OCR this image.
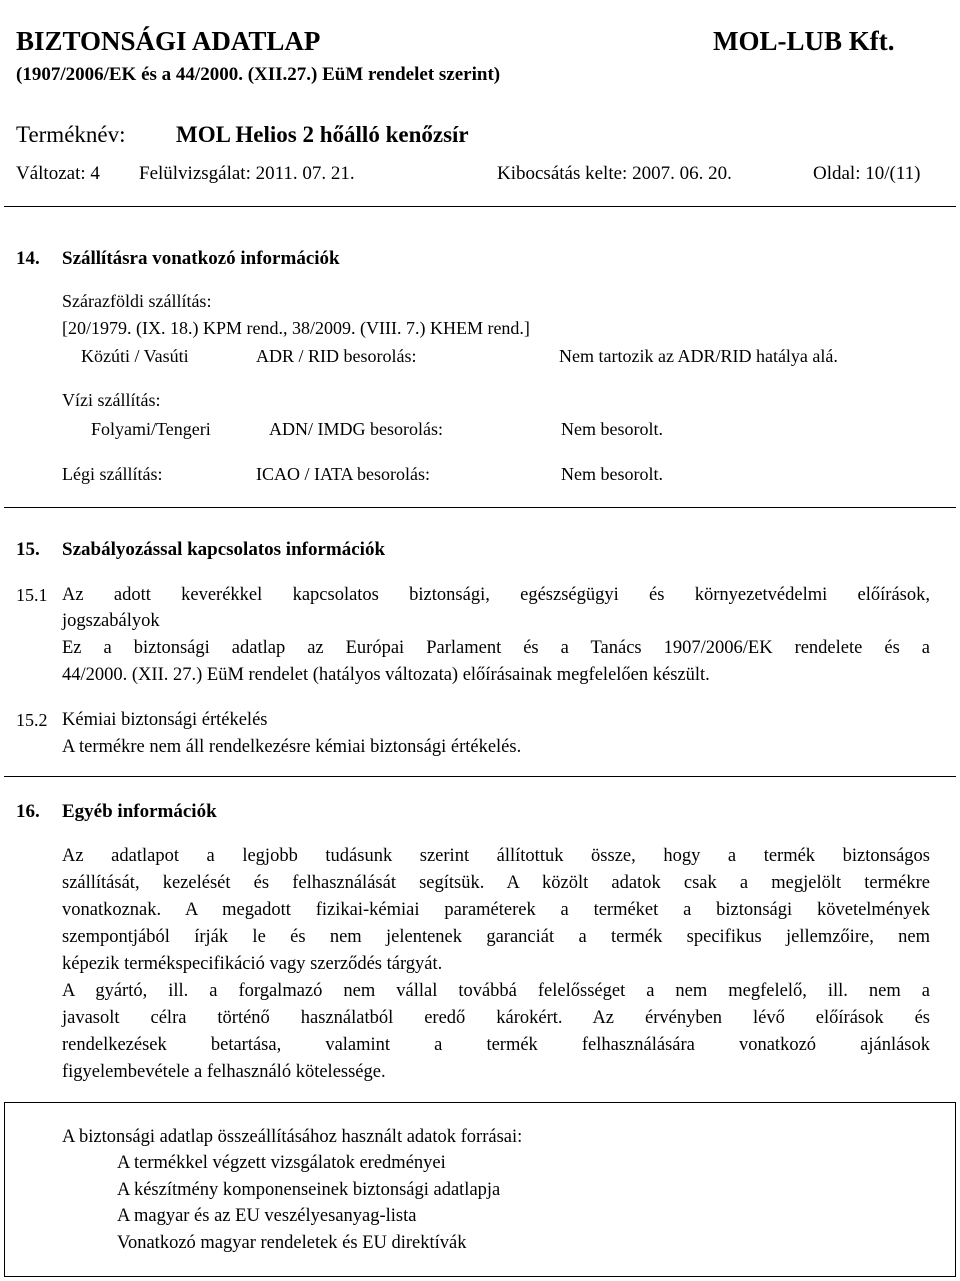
BIZTONSÁGI ADATLAP	MOL-LUB Kft.
(1907/2006/EK és a 44/2000. (XII.27.) EüM rendelet szerint)
Terméknév: MOL Helios 2 hőálló kenőzsír
Változat: 4 Felülvizsgálat: 2011. 07. 21.	Kibocsátás kelte: 2007. 06. 20.	Oldal: 10/(11)
14. Szállításra vonatkozó információk
Szárazföldi szállítás:
[20/1979. (IX. 18.) KPM rend., 38/2009. (VIII. 7.) KHEM rend.]
Közúti / Vasúti	ADR / RID besorolás:	Nem tartozik az ADR/RID hatálya alá.
Vízi szállítás:
Folyami/Tengeri	ADN/ IMDG besorolás:	Nem besorolt.
Légi szállítás:	ICAO / IATA besorolás:	Nem besorolt.
15. Szabályozással kapcsolatos információk
15.1 Az adott keverékkel kapcsolatos biztonsági, egészségügyi és környezetvédelmi előírások,
jogszabályok
Ez a biztonsági adatlap az Európai Parlament és a Tanács 1907/2006/EK rendelete és a
44/2000. (XII. 27.) EüM rendelet (hatályos változata) előírásainak megfelelően készült.
15.2 Kémiai biztonsági értékelés
A termékre nem áll rendelkezésre kémiai biztonsági értékelés.
16. Egyéb információk
Az adatlapot a legjobb tudásunk szerint állítottuk össze, hogy a termék biztonságos
szállítását, kezelését és felhasználását segítsük. A közölt adatok csak a megjelölt termékre
vonatkoznak. A megadott fizikai-kémiai paraméterek a terméket a biztonsági követelmények
szempontjából írják le és nem jelentenek garanciát a termék specifikus jellemzőire, nem
képezik termékspecifikáció vagy szerződés tárgyát.
A gyártó, ill. a forgalmazó nem vállal továbbá felelősséget a nem megfelelő, ill. nem a
javasolt célra történő használatból eredő károkért. Az érvényben lévő előírások és
rendelkezések betartása, valamint a termék felhasználására vonatkozó ajánlások
figyelembevétele a felhasználó kötelessége.
A biztonsági adatlap összeállításához használt adatok forrásai:
A termékkel végzett vizsgálatok eredményei
A készítmény komponenseinek biztonsági adatlapja
A magyar és az EU veszélyesanyag-lista
Vonatkozó magyar rendeletek és EU direktívák
